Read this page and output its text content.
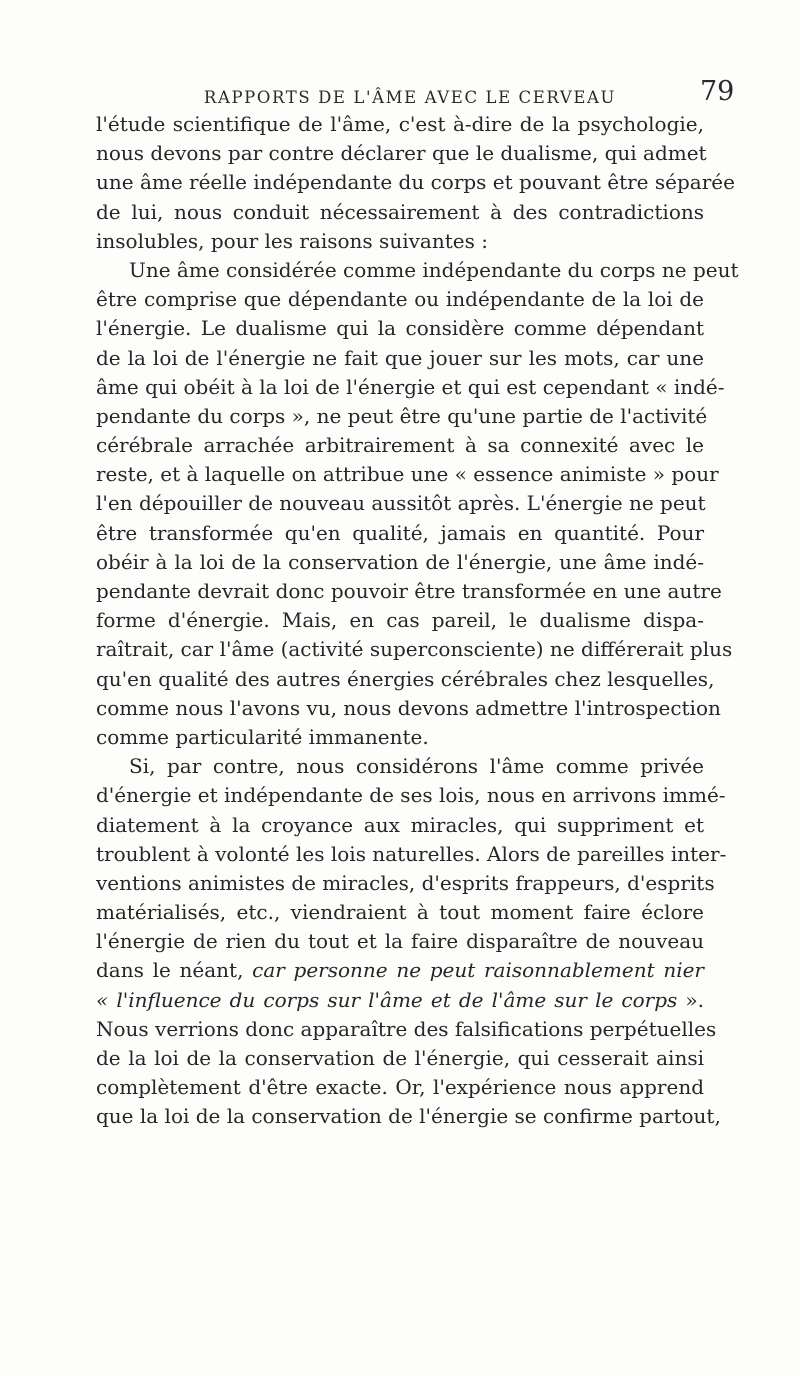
RAPPORTS DE L'ÂME AVEC LE CERVEAU	79
l'étude scientifique de l'âme, c'est à-dire de la psychologie,
nous devons par contre déclarer que le dualisme, qui admet
une âme réelle indépendante du corps et pouvant être séparée
de lui, nous conduit nécessairement à des contradictions
insolubles, pour les raisons suivantes :
Une âme considérée comme indépendante du corps ne peut
être comprise que dépendante ou indépendante de la loi de
l'énergie. Le dualisme qui la considère comme dépendant
de la loi de l'énergie ne fait que jouer sur les mots, car une
âme qui obéit à la loi de l'énergie et qui est cependant « indé-
pendante du corps », ne peut être qu'une partie de l'activité
cérébrale arrachée arbitrairement à sa connexité avec le
reste, et à laquelle on attribue une « essence animiste » pour
l'en dépouiller de nouveau aussitôt après. L'énergie ne peut
être transformée qu'en qualité, jamais en quantité. Pour
obéir à la loi de la conservation de l'énergie, une âme indé-
pendante devrait donc pouvoir être transformée en une autre
forme d'énergie. Mais, en cas pareil, le dualisme dispa-
raîtrait, car l'âme (activité superconsciente) ne différerait plus
qu'en qualité des autres énergies cérébrales chez lesquelles,
comme nous l'avons vu, nous devons admettre l'introspection
comme particularité immanente.
Si, par contre, nous considérons l'âme comme privée
d'énergie et indépendante de ses lois, nous en arrivons immé-
diatement à la croyance aux miracles, qui suppriment et
troublent à volonté les lois naturelles. Alors de pareilles inter-
ventions animistes de miracles, d'esprits frappeurs, d'esprits
matérialisés, etc., viendraient à tout moment faire éclore
l'énergie de rien du tout et la faire disparaître de nouveau
dans le néant, car personne ne peut raisonnablement nier
« l'influence du corps sur l'âme et de l'âme sur le corps ».
Nous verrions donc apparaître des falsifications perpétuelles
de la loi de la conservation de l'énergie, qui cesserait ainsi
complètement d'être exacte. Or, l'expérience nous apprend
que la loi de la conservation de l'énergie se confirme partout,
